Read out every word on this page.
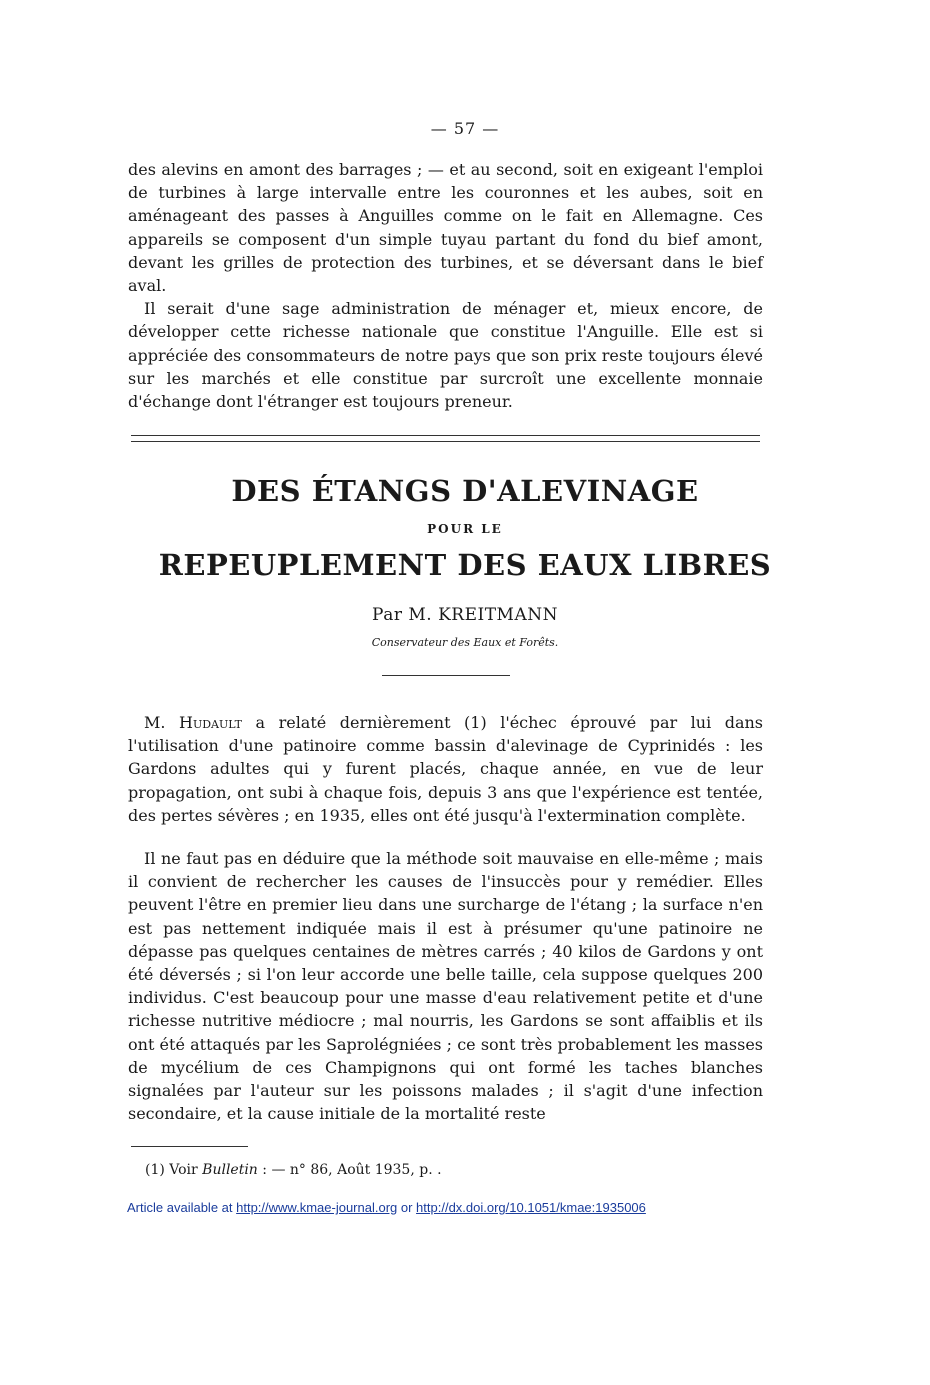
— 57 —

des alevins en amont des barrages ; — et au second, soit en exigeant l'emploi de turbines à large intervalle entre les couronnes et les aubes, soit en aménageant des passes à Anguilles comme on le fait en Allemagne. Ces appareils se composent d'un simple tuyau partant du fond du bief amont, devant les grilles de protection des turbines, et se déversant dans le bief aval.

Il serait d'une sage administration de ménager et, mieux encore, de développer cette richesse nationale que constitue l'Anguille. Elle est si appréciée des consommateurs de notre pays que son prix reste toujours élevé sur les marchés et elle constitue par surcroît une excellente monnaie d'échange dont l'étranger est toujours preneur.

DES ÉTANGS D'ALEVINAGE
POUR LE
REPEUPLEMENT DES EAUX LIBRES
Par M. KREITMANN
Conservateur des Eaux et Forêts.

M. Hudault a relaté dernièrement (1) l'échec éprouvé par lui dans l'utilisation d'une patinoire comme bassin d'alevinage de Cyprinidés : les Gardons adultes qui y furent placés, chaque année, en vue de leur propagation, ont subi à chaque fois, depuis 3 ans que l'expérience est tentée, des pertes sévères ; en 1935, elles ont été jusqu'à l'extermination complète.

Il ne faut pas en déduire que la méthode soit mauvaise en elle-même ; mais il convient de rechercher les causes de l'insuccès pour y remédier. Elles peuvent l'être en premier lieu dans une surcharge de l'étang ; la surface n'en est pas nettement indiquée mais il est à présumer qu'une patinoire ne dépasse pas quelques centaines de mètres carrés ; 40 kilos de Gardons y ont été déversés ; si l'on leur accorde une belle taille, cela suppose quelques 200 individus. C'est beaucoup pour une masse d'eau relativement petite et d'une richesse nutritive médiocre ; mal nourris, les Gardons se sont affaiblis et ils ont été attaqués par les Saprolégniées ; ce sont très probablement les masses de mycélium de ces Champignons qui ont formé les taches blanches signalées par l'auteur sur les poissons malades ; il s'agit d'une infection secondaire, et la cause initiale de la mortalité reste

(1) Voir Bulletin : — n° 86, Août 1935, p. .
Article available at http://www.kmae-journal.org or http://dx.doi.org/10.1051/kmae:1935006
